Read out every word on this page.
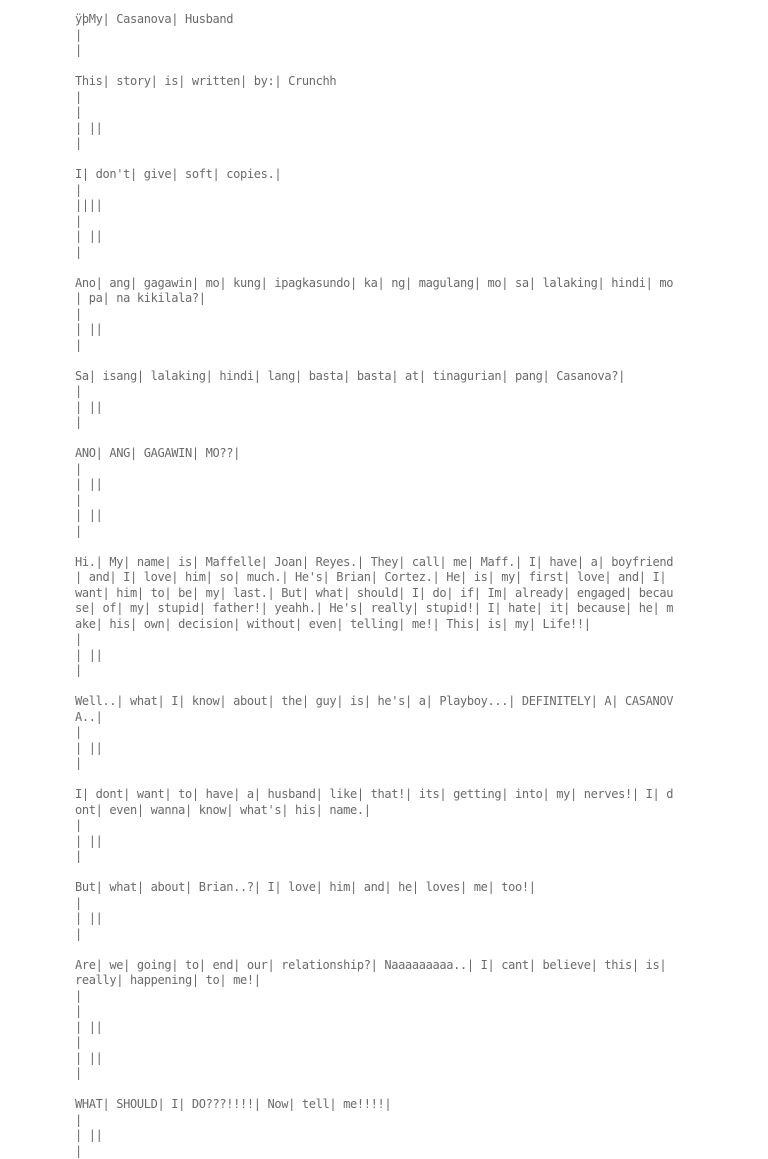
ÿþMy| Casanova| Husband
|
|
This| story| is| written| by:| Crunchh
|
|
| ||
|
I| don't| give| soft| copies.|
|
||||
|
| ||
|
Ano| ang| gagawin| mo| kung| ipagkasundo| ka| ng| magulang| mo| sa| lalaking| hindi| mo| pa| na kikilala?|
|
| ||
|
Sa| isang| lalaking| hindi| lang| basta| basta| at| tinagurian| pang| Casanova?|
|
| ||
|
ANO| ANG| GAGAWIN| MO??|
|
| ||
|
| ||
|
Hi.| My| name| is| Maffelle| Joan| Reyes.| They| call| me| Maff.| I| have| a| boyfriend| and| I| love| him| so| much.| He's| Brian| Cortez.| He| is| my| first| love| and| I| want| him| to| be| my| last.| But| what| should| I| do| if| Im| already| engaged| because| of| my| stupid| father!| yeahh.| He's| really| stupid!| I| hate| it| because| he| make| his| own| decision| without| even| telling| me!| This| is| my| Life!!|
|
| ||
|
Well..| what| I| know| about| the| guy| is| he's| a| Playboy...| DEFINITELY| A| CASANOVA..|
|
| ||
|
I| dont| want| to| have| a| husband| like| that!| its| getting| into| my| nerves!| I| dont| even| wanna| know| what's| his| name.|
|
| ||
|
But| what| about| Brian..?| I| love| him| and| he| loves| me| too!|
|
| ||
|
Are| we| going| to| end| our| relationship?| Naaaaaaaaa..| I| cant| believe| this| is| really| happening| to| me!|
|
|
| ||
|
| ||
|
WHAT| SHOULD| I| DO???!!!!| Now| tell| me!!!!|
|
| ||
|
